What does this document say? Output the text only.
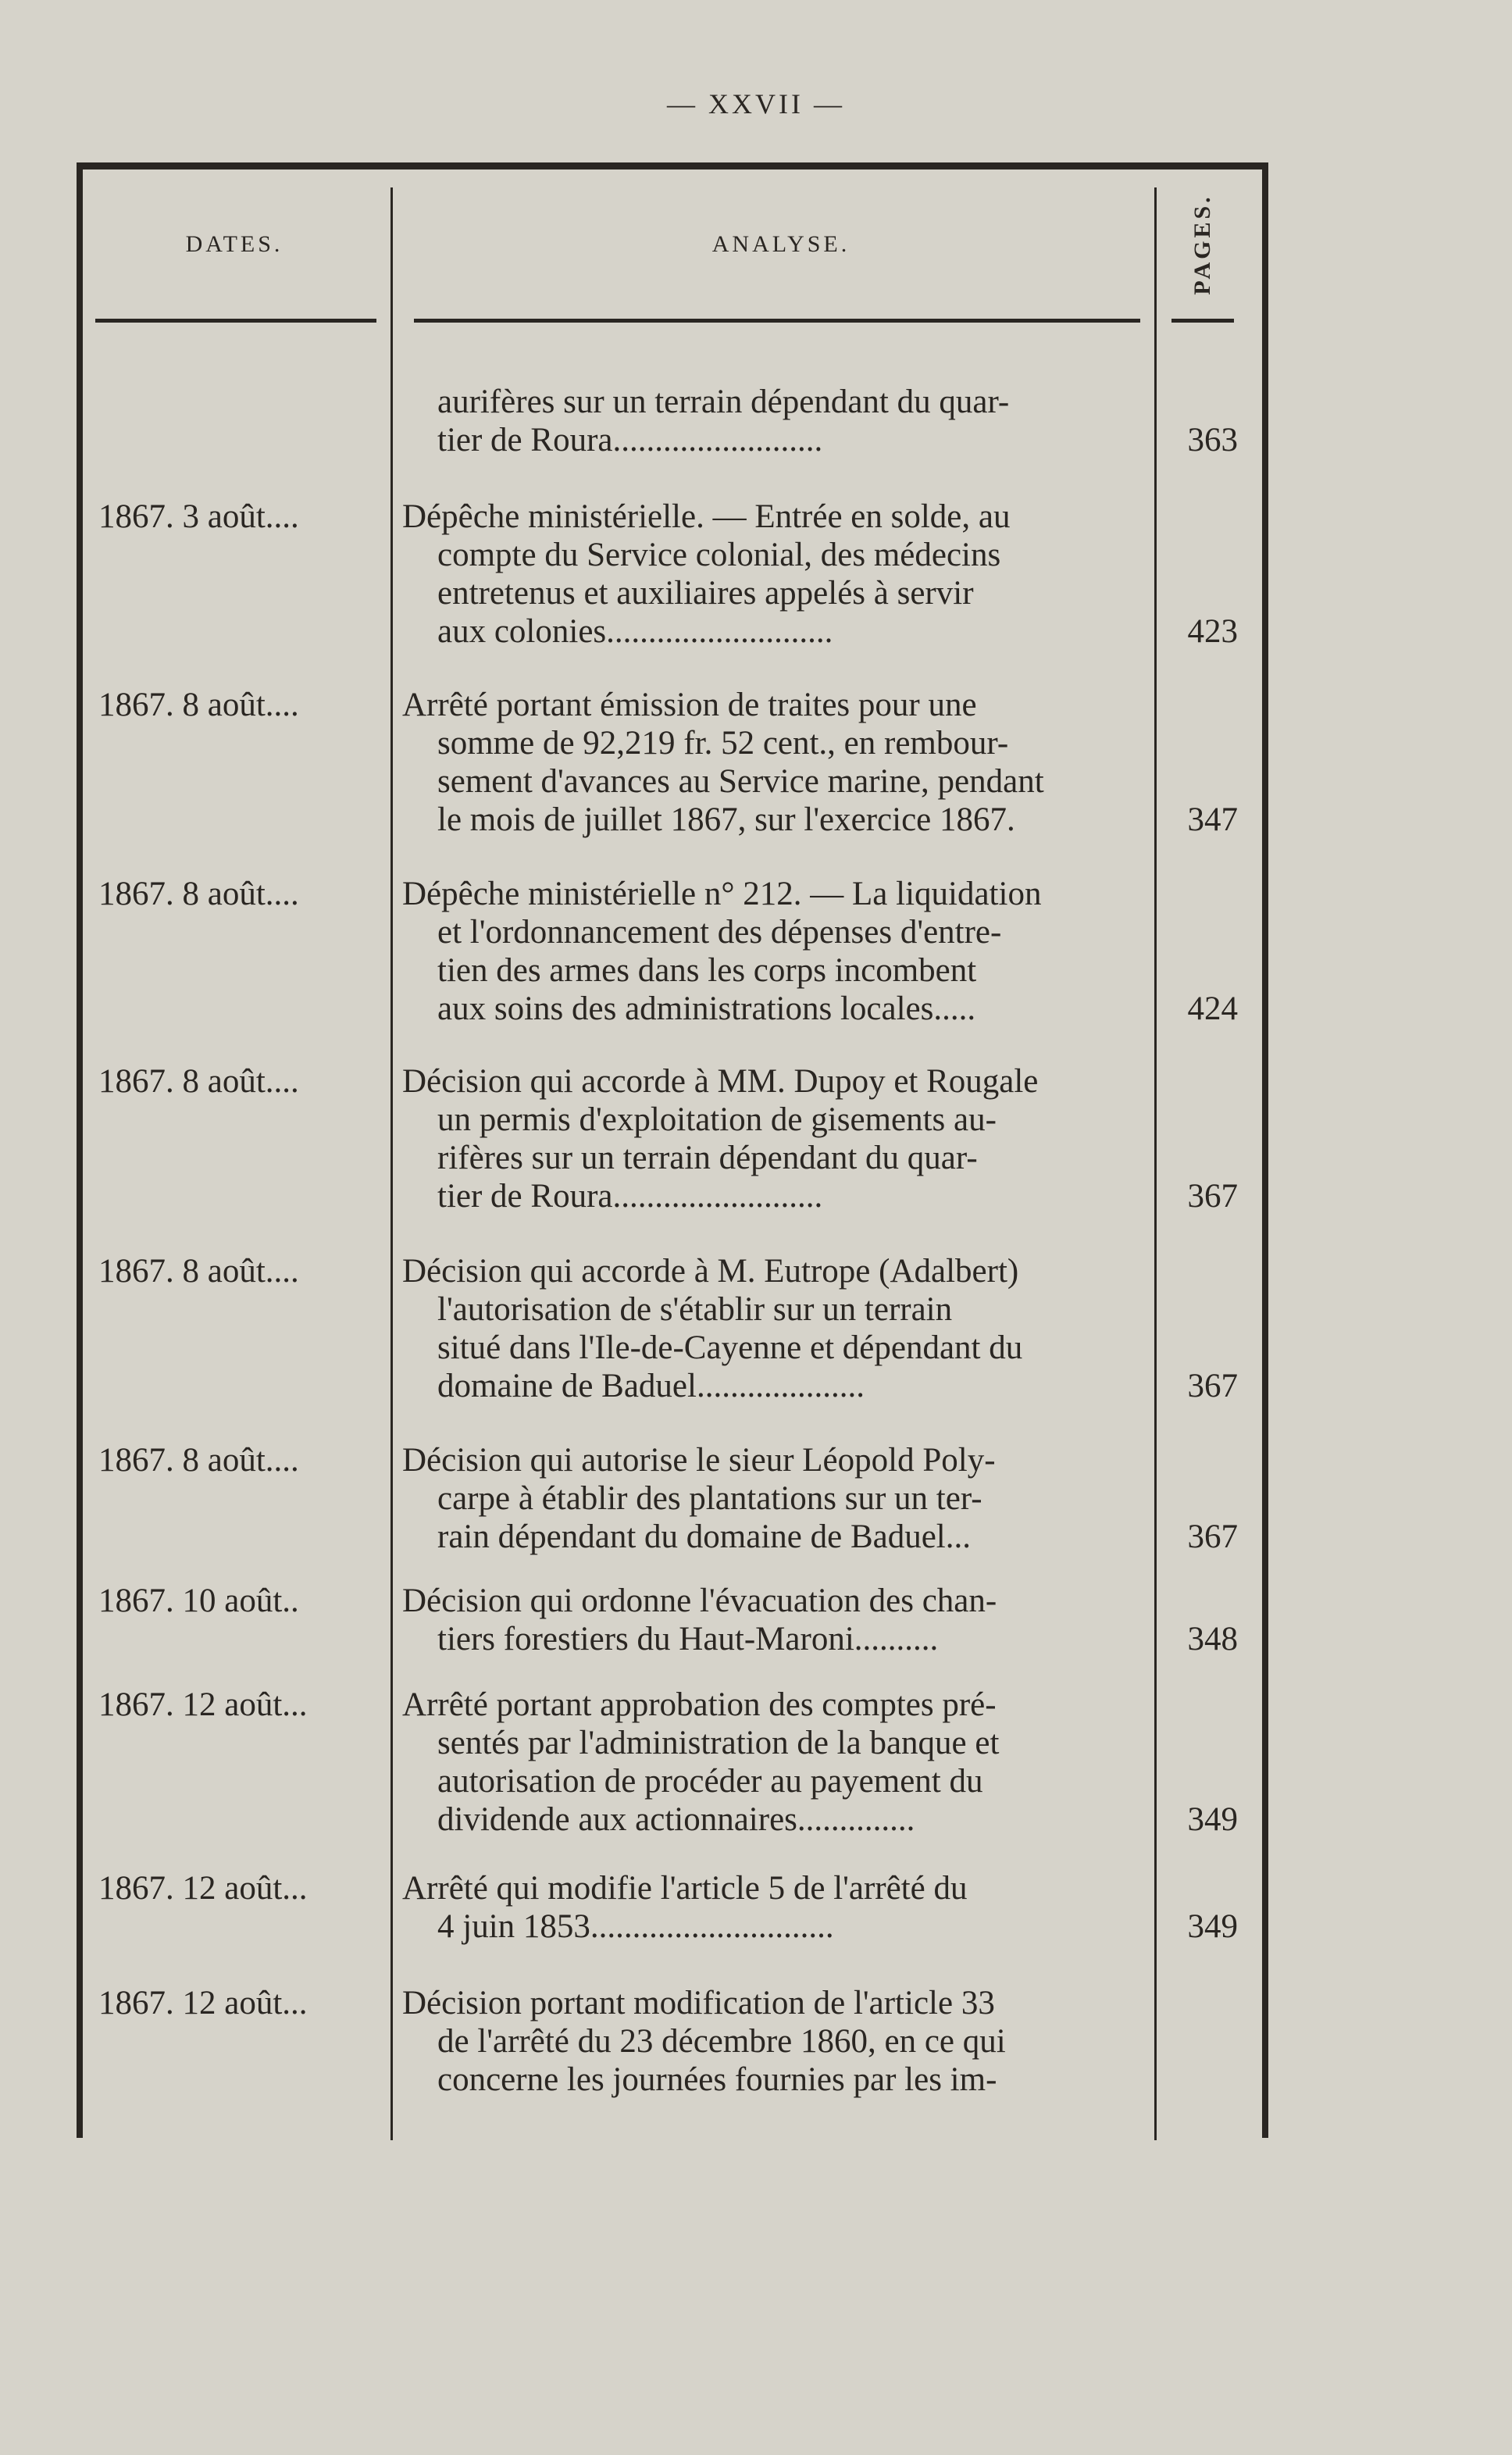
— XXVII —
DATES.	ANALYSE.	PAGES.
aurifères sur un terrain dépendant du quar-
tier de Roura.........................	363
1867. 3 août....	Dépêche ministérielle. — Entrée en solde, au
compte du Service colonial, des médecins
entretenus et auxiliaires appelés à servir
aux colonies...........................	423
1867. 8 août....	Arrêté portant émission de traites pour une
somme de 92,219 fr. 52 cent., en rembour-
sement d'avances au Service marine, pendant
le mois de juillet 1867, sur l'exercice 1867.	347
1867. 8 août....	Dépêche ministérielle n° 212. — La liquidation
et l'ordonnancement des dépenses d'entre-
tien des armes dans les corps incombent
aux soins des administrations locales.....	424
1867. 8 août....	Décision qui accorde à MM. Dupoy et Rougale
un permis d'exploitation de gisements au-
rifères sur un terrain dépendant du quar-
tier de Roura.........................	367
1867. 8 août....	Décision qui accorde à M. Eutrope (Adalbert)
l'autorisation de s'établir sur un terrain
situé dans l'Ile-de-Cayenne et dépendant du
domaine de Baduel....................	367
1867. 8 août....	Décision qui autorise le sieur Léopold Poly-
carpe à établir des plantations sur un ter-
rain dépendant du domaine de Baduel...	367
1867. 10 août..	Décision qui ordonne l'évacuation des chan-
tiers forestiers du Haut-Maroni..........	348
1867. 12 août...	Arrêté portant approbation des comptes pré-
sentés par l'administration de la banque et
autorisation de procéder au payement du
dividende aux actionnaires..............	349
1867. 12 août...	Arrêté qui modifie l'article 5 de l'arrêté du
4 juin 1853.............................	349
1867. 12 août...	Décision portant modification de l'article 33
de l'arrêté du 23 décembre 1860, en ce qui
concerne les journées fournies par les im-
